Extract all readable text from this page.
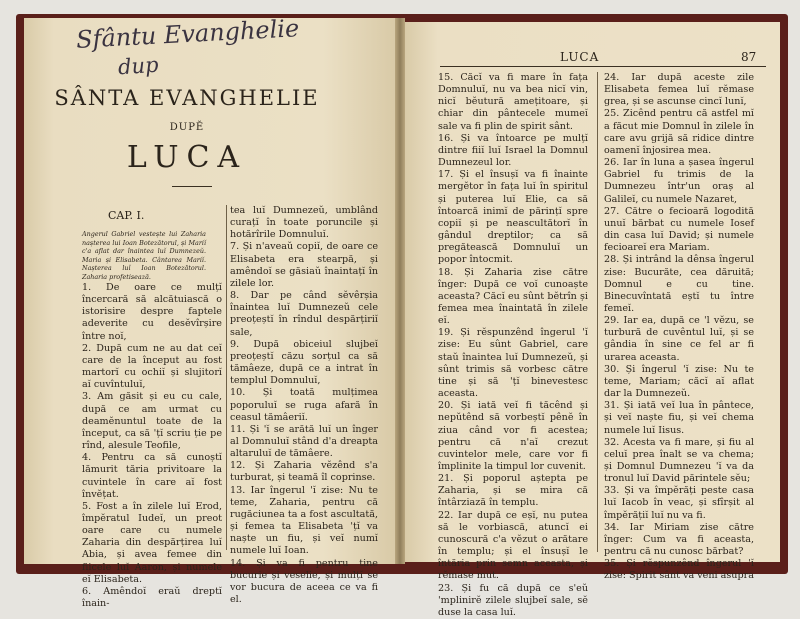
Sfântu Evanghelie
dup
SÂNTA EVANGHELIE
DUPĔ
LUCA
CAP. I.
Angerul Gabriel vestește lui Zaharia nașterea lui Ioan Botezătorul, și Mariĭ c'a aflat dar înaintea luĭ Dumnezeŭ. Maria și Elisabeta. Cântarea Mariĭ. Nașterea luĭ Ioan Botezătorul. Zaharia profetisează.

1. De oare ce mulțĭ încercară să alcătuiască o istorisire despre faptele adeverite cu desĕvîrșire între noĭ,

2. După cum ne au dat ceĭ care de la început au fost martorĭ cu ochiĭ și slujitorĭ aĭ cuvîntuluĭ,

3. Am găsit și eu cu cale, după ce am urmat cu deamĕnuntul toate de la început, ca să 'țĭ scriu ție pe rînd, alesule Teofile,

4. Pentru ca să cunoștĭ lămurit tăria privitoare la cuvintele în care aĭ fost învĕțat.

5. Fost a în zilele luĭ Erod, împĕratul Iudeĭ, un preot oare care cu numele Zaharia din despărțirea luĭ Abia, și avea femee din fiicele luĭ Aaron, și numele eĭ Elisabeta.

6. Amêndoĭ eraŭ dreptĭ înain-

tea luĭ Dumnezeŭ, umblând curațĭ în toate poruncile și hotărîrile Domnuluĭ.

7. Și n'aveaŭ copiĭ, de oare ce Elisabeta era stearpă, și amêndoĭ se găsiaŭ înaintațĭ în zilele lor.

8. Dar pe când sĕvêrșia înaintea luĭ Dumnezeŭ cele preoțeștĭ în rîndul despărțiriĭ sale,

9. După obiceiul slujbeĭ preoțeștĭ căzu sorțul ca să tămâeze, după ce a intrat în templul Domnuluĭ,

10. Și toată mulțimea poporuluĭ se ruga afară în ceasul tămâeriĭ.

11. Și 'ĭ se arătă luĭ un înger al Domnuluĭ stând d'a dreapta altaruluĭ de tămâere.

12. Și Zaharia vĕzênd s'a turburat, și teamă îl coprinse.

13. Iar îngerul 'ĭ zise: Nu te teme, Zaharia, pentru că rugăciunea ta a fost ascultată, și femea ta Elisabeta 'țĭ va naște un fiu, și veĭ numĭ numele luĭ Ioan.

14. Și va fi pentru tine bucurie și veselie, și mulțĭ se vor bucura de aceea ce va fi el.

LUCA	87

15. Căcĭ va fi mare în fața Domnuluĭ, nu va bea nicĭ vin, nicĭ bĕutură amețitoare, și chiar din pântecele mumeĭ sale va fi plin de spirit sânt.

16. Și va întoarce pe mulțĭ dintre fiiĭ luĭ Israel la Domnul Dumnezeul lor.

17. Și el însușĭ va fi înainte mergĕtor în fața luĭ în spiritul și puterea luĭ Elie, ca să întoarcă inimĭ de părințĭ spre copiĭ și pe neascultătorĭ în gândul dreptilor; ca să pregătească Domnuluĭ un popor întocmit.

18. Și Zaharia zise către înger: După ce voĭ cunoaște aceasta? Căcĭ eu sûnt bĕtrîn și femea mea înaintată în zilele eĭ.

19. Și rĕspunzênd îngerul 'ĭ zise: Eu sûnt Gabriel, care staŭ înaintea luĭ Dumnezeŭ, și sûnt trimis să vorbesc către tine și să 'țĭ binevestesc aceasta.

20. Și iată veĭ fi tăcênd și nepŭtênd să vorbeștĭ pênĕ în ziua când vor fi acestea; pentru că n'aĭ crezut cuvintelor mele, care vor fi împlinite la timpul lor cuvenit.

21. Și poporul aștepta pe Zaharia, și se mira că întârziază în templu.

22. Iar după ce eșĭ, nu putea să le vorbiască, atuncĭ ei cunoscură c'a vĕzut o arătare în templu; și el însușĭ le întăria prin semn aceasta, și rĕmase mut.

23. Și fu că după ce s'eŭ 'mplinirĕ zilele slujbeĭ sale, sĕ duse la casa luĭ.

24. Iar după aceste zile Elisabeta femea luĭ rĕmase grea, și se ascunse cincĭ lunĭ,

25. Zicênd pentru că astfel mĭ a făcut mie Domnul în zilele în care avu grijă să ridice dintre oamenĭ înjosirea mea.

26. Iar în luna a șasea îngerul Gabriel fu trimis de la Dumnezeu într'un oraș al Galileĭ, cu numele Nazaret,

27. Către o fecioară logodită unuĭ bărbat cu numele Iosef din casa luĭ David; și numele fecioareĭ era Mariam.

28. Și intrând la dênsa îngerul zise: Bucurăte, cea dăruită; Domnul e cu tine. Binecuvîntată eștĭ tu între femeĭ.

29. Iar ea, după ce 'l vĕzu, se turbură de cuvêntul luĭ, și se gândia în sine ce fel ar fi urarea aceasta.

30. Și îngerul 'ĭ zise: Nu te teme, Mariam; căcĭ aĭ aflat dar la Dumnezeŭ.

31. Și iată veĭ lua în pântece, și veĭ naște fiu, și veĭ chema numele luĭ Iisus.

32. Acesta va fi mare, și fiu al celuĭ prea înalt se va chema; și Domnul Dumnezeu 'ĭ va da tronul luĭ David părintele sĕu;

33. Și va împĕrăți peste casa luĭ Iacob în veac, și sfîrșit al împĕrățiĭ luĭ nu va fi.

34. Iar Miriam zise către înger: Cum va fi aceasta, pentru că nu cunosc bărbat?

35. Și rĕspunzênd îngerul 'ĭ zise: Spirit sânt va veni asupra
